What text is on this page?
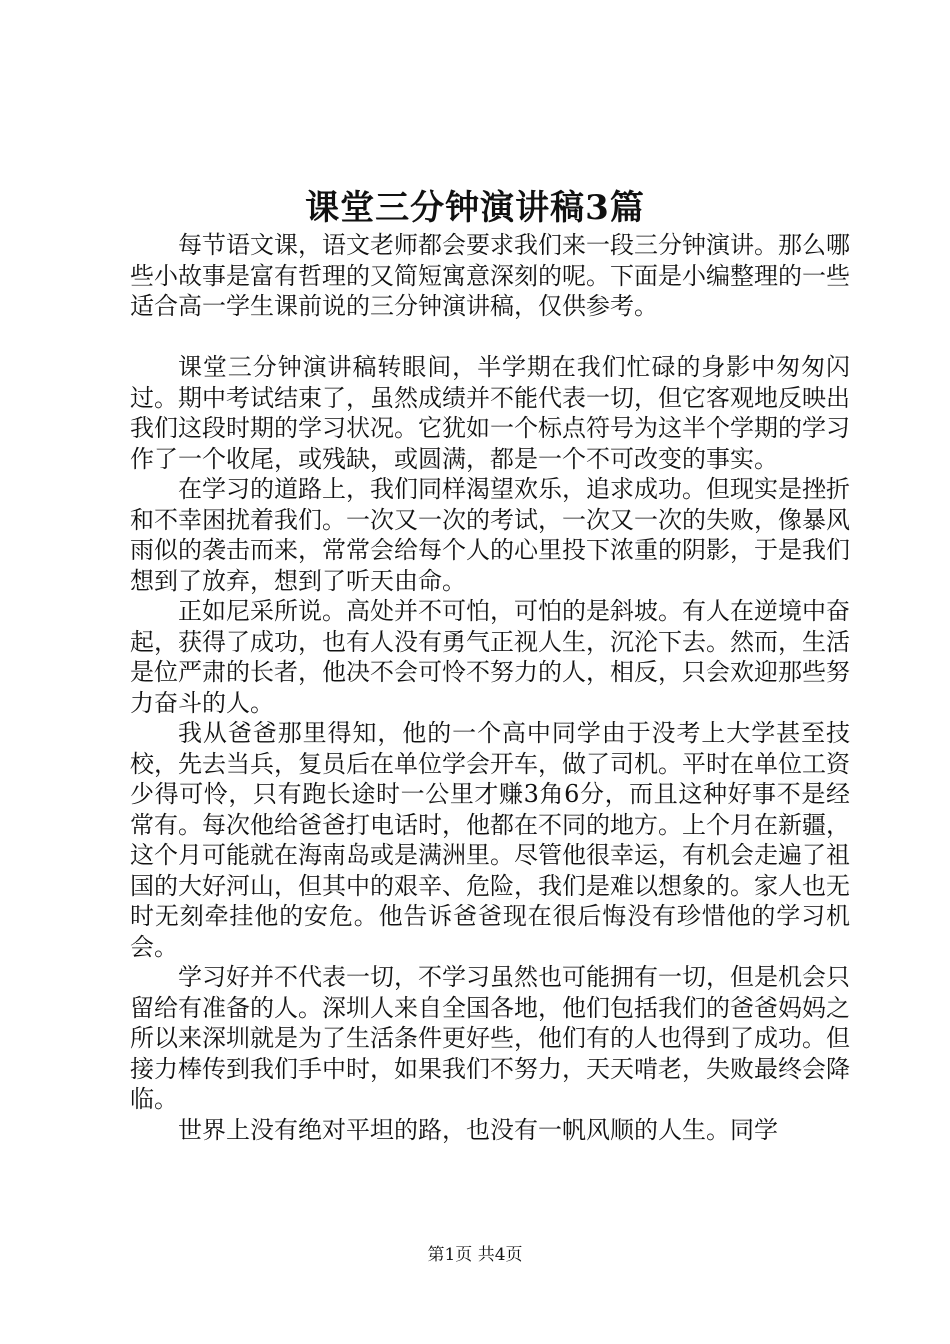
课堂三分钟演讲稿3篇

每节语文课，语文老师都会要求我们来一段三分钟演讲。那么哪些小故事是富有哲理的又简短寓意深刻的呢。下面是小编整理的一些适合高一学生课前说的三分钟演讲稿，仅供参考。

课堂三分钟演讲稿转眼间，半学期在我们忙碌的身影中匆匆闪过。期中考试结束了，虽然成绩并不能代表一切，但它客观地反映出我们这段时期的学习状况。它犹如一个标点符号为这半个学期的学习作了一个收尾，或残缺，或圆满，都是一个不可改变的事实。

在学习的道路上，我们同样渴望欢乐，追求成功。但现实是挫折和不幸困扰着我们。一次又一次的考试，一次又一次的失败，像暴风雨似的袭击而来，常常会给每个人的心里投下浓重的阴影，于是我们想到了放弃，想到了听天由命。

正如尼采所说。高处并不可怕，可怕的是斜坡。有人在逆境中奋起，获得了成功，也有人没有勇气正视人生，沉沦下去。然而，生活是位严肃的长者，他决不会可怜不努力的人，相反，只会欢迎那些努力奋斗的人。

我从爸爸那里得知，他的一个高中同学由于没考上大学甚至技校，先去当兵，复员后在单位学会开车，做了司机。平时在单位工资少得可怜，只有跑长途时一公里才赚3角6分，而且这种好事不是经常有。每次他给爸爸打电话时，他都在不同的地方。上个月在新疆，这个月可能就在海南岛或是满洲里。尽管他很幸运，有机会走遍了祖国的大好河山，但其中的艰辛、危险，我们是难以想象的。家人也无时无刻牵挂他的安危。他告诉爸爸现在很后悔没有珍惜他的学习机会。

学习好并不代表一切，不学习虽然也可能拥有一切，但是机会只留给有准备的人。深圳人来自全国各地，他们包括我们的爸爸妈妈之所以来深圳就是为了生活条件更好些，他们有的人也得到了成功。但接力棒传到我们手中时，如果我们不努力，天天啃老，失败最终会降临。

世界上没有绝对平坦的路，也没有一帆风顺的人生。同学

第1页 共4页
